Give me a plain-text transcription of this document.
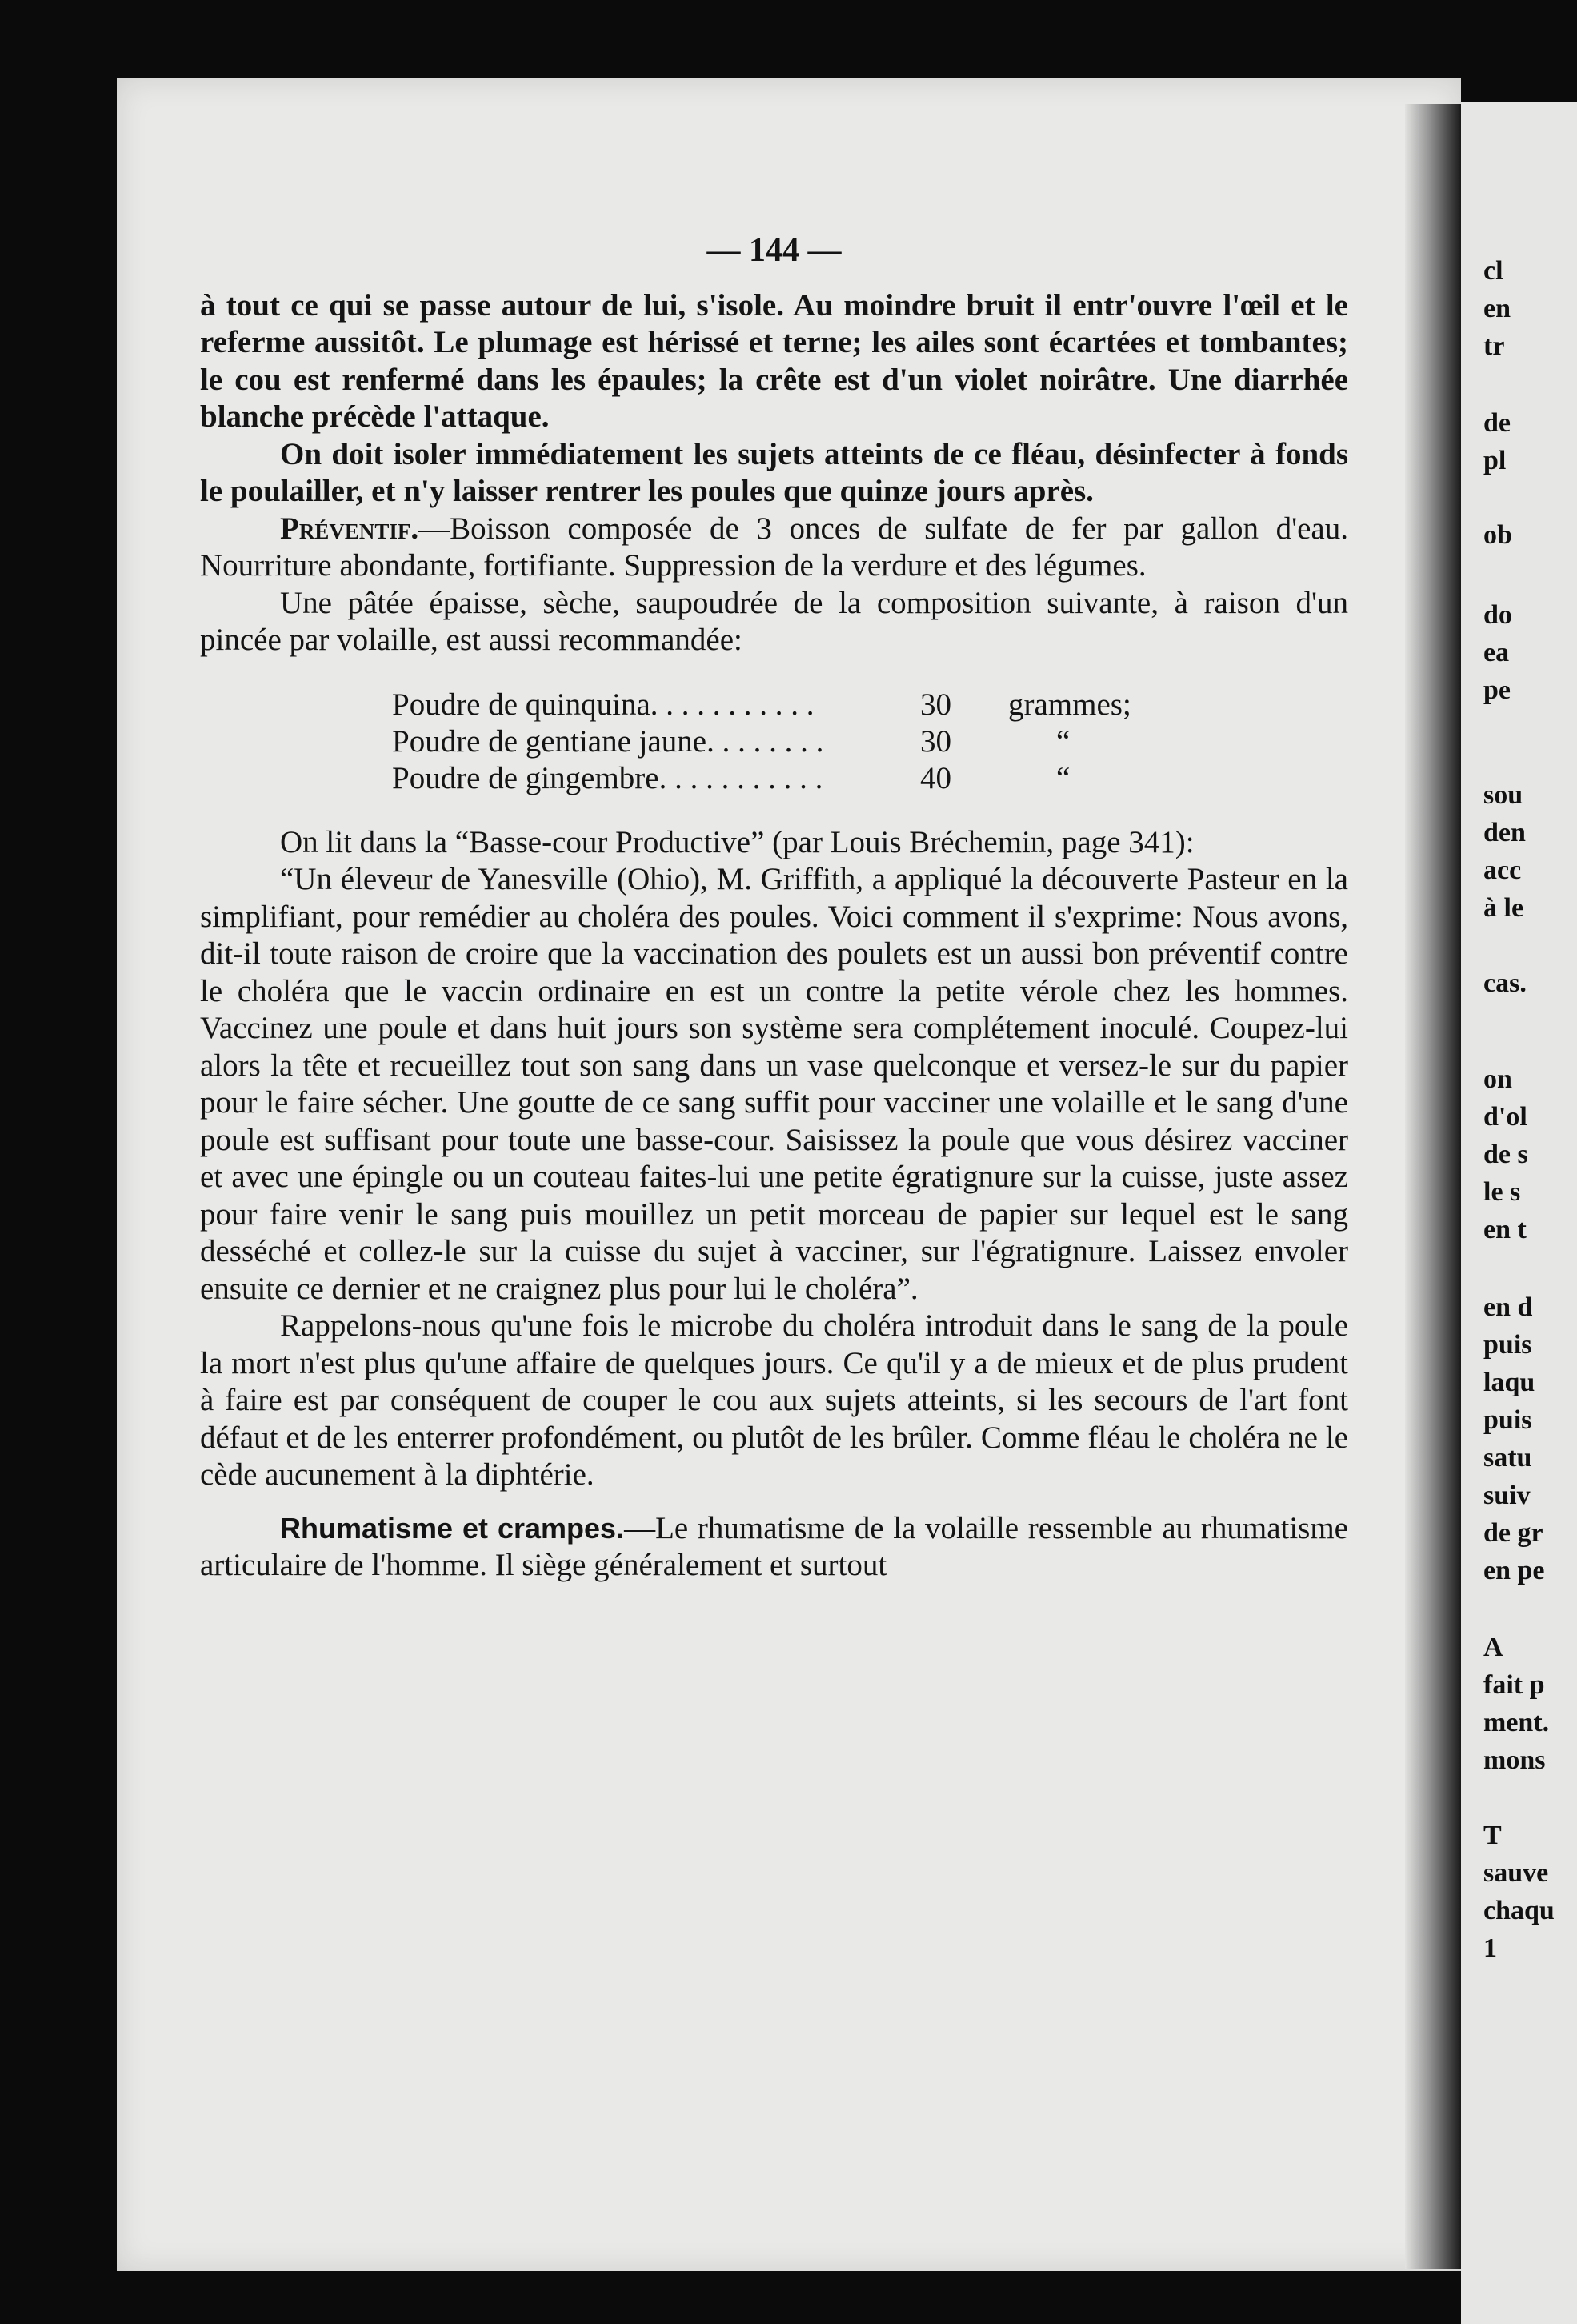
cl
en
tr
de
pl
ob
do
ea
pe
sou
den
acc
à le
cas.
on
d'ol
de s
le s
en t
en d
puis
laqu
puis
satu
suiv
de gr
en pe
A
fait p
ment.
mons
T
sauve
chaqu
1
— 144 —

à tout ce qui se passe autour de lui, s'isole. Au moindre bruit il entr'ouvre l'œil et le referme aussitôt. Le plumage est hérissé et terne; les ailes sont écartées et tombantes; le cou est renfermé dans les épaules; la crête est d'un violet noirâtre. Une diarrhée blanche précède l'attaque.

On doit isoler immédiatement les sujets atteints de ce fléau, désinfecter à fonds le poulailler, et n'y laisser rentrer les poules que quinze jours après.

Préventif.—Boisson composée de 3 onces de sulfate de fer par gallon d'eau. Nourriture abondante, fortifiante. Suppression de la verdure et des légumes.

Une pâtée épaisse, sèche, saupoudrée de la composition suivante, à raison d'un pincée par volaille, est aussi recommandée:

Poudre de quinquina. . . . . . . . . . .	30	grammes;
Poudre de gentiane jaune. . . . . . . .	30	“
Poudre de gingembre. . . . . . . . . . .	40	“

On lit dans la “Basse-cour Productive” (par Louis Bréchemin, page 341):

“Un éleveur de Yanesville (Ohio), M. Griffith, a appliqué la découverte Pasteur en la simplifiant, pour remédier au choléra des poules. Voici comment il s'exprime: Nous avons, dit-il toute raison de croire que la vaccination des poulets est un aussi bon préventif contre le choléra que le vaccin ordinaire en est un contre la petite vérole chez les hommes. Vaccinez une poule et dans huit jours son système sera complétement inoculé. Coupez-lui alors la tête et recueillez tout son sang dans un vase quelconque et versez-le sur du papier pour le faire sécher. Une goutte de ce sang suffit pour vacciner une volaille et le sang d'une poule est suffisant pour toute une basse-cour. Saisissez la poule que vous désirez vacciner et avec une épingle ou un couteau faites-lui une petite égratignure sur la cuisse, juste assez pour faire venir le sang puis mouillez un petit morceau de papier sur lequel est le sang desséché et collez-le sur la cuisse du sujet à vacciner, sur l'égratignure. Laissez envoler ensuite ce dernier et ne craignez plus pour lui le choléra”.

Rappelons-nous qu'une fois le microbe du choléra introduit dans le sang de la poule la mort n'est plus qu'une affaire de quelques jours. Ce qu'il y a de mieux et de plus prudent à faire est par conséquent de couper le cou aux sujets atteints, si les secours de l'art font défaut et de les enterrer profondément, ou plutôt de les brûler. Comme fléau le choléra ne le cède aucunement à la diphtérie.

Rhumatisme et crampes.—Le rhumatisme de la volaille ressemble au rhumatisme articulaire de l'homme. Il siège généralement et surtout
